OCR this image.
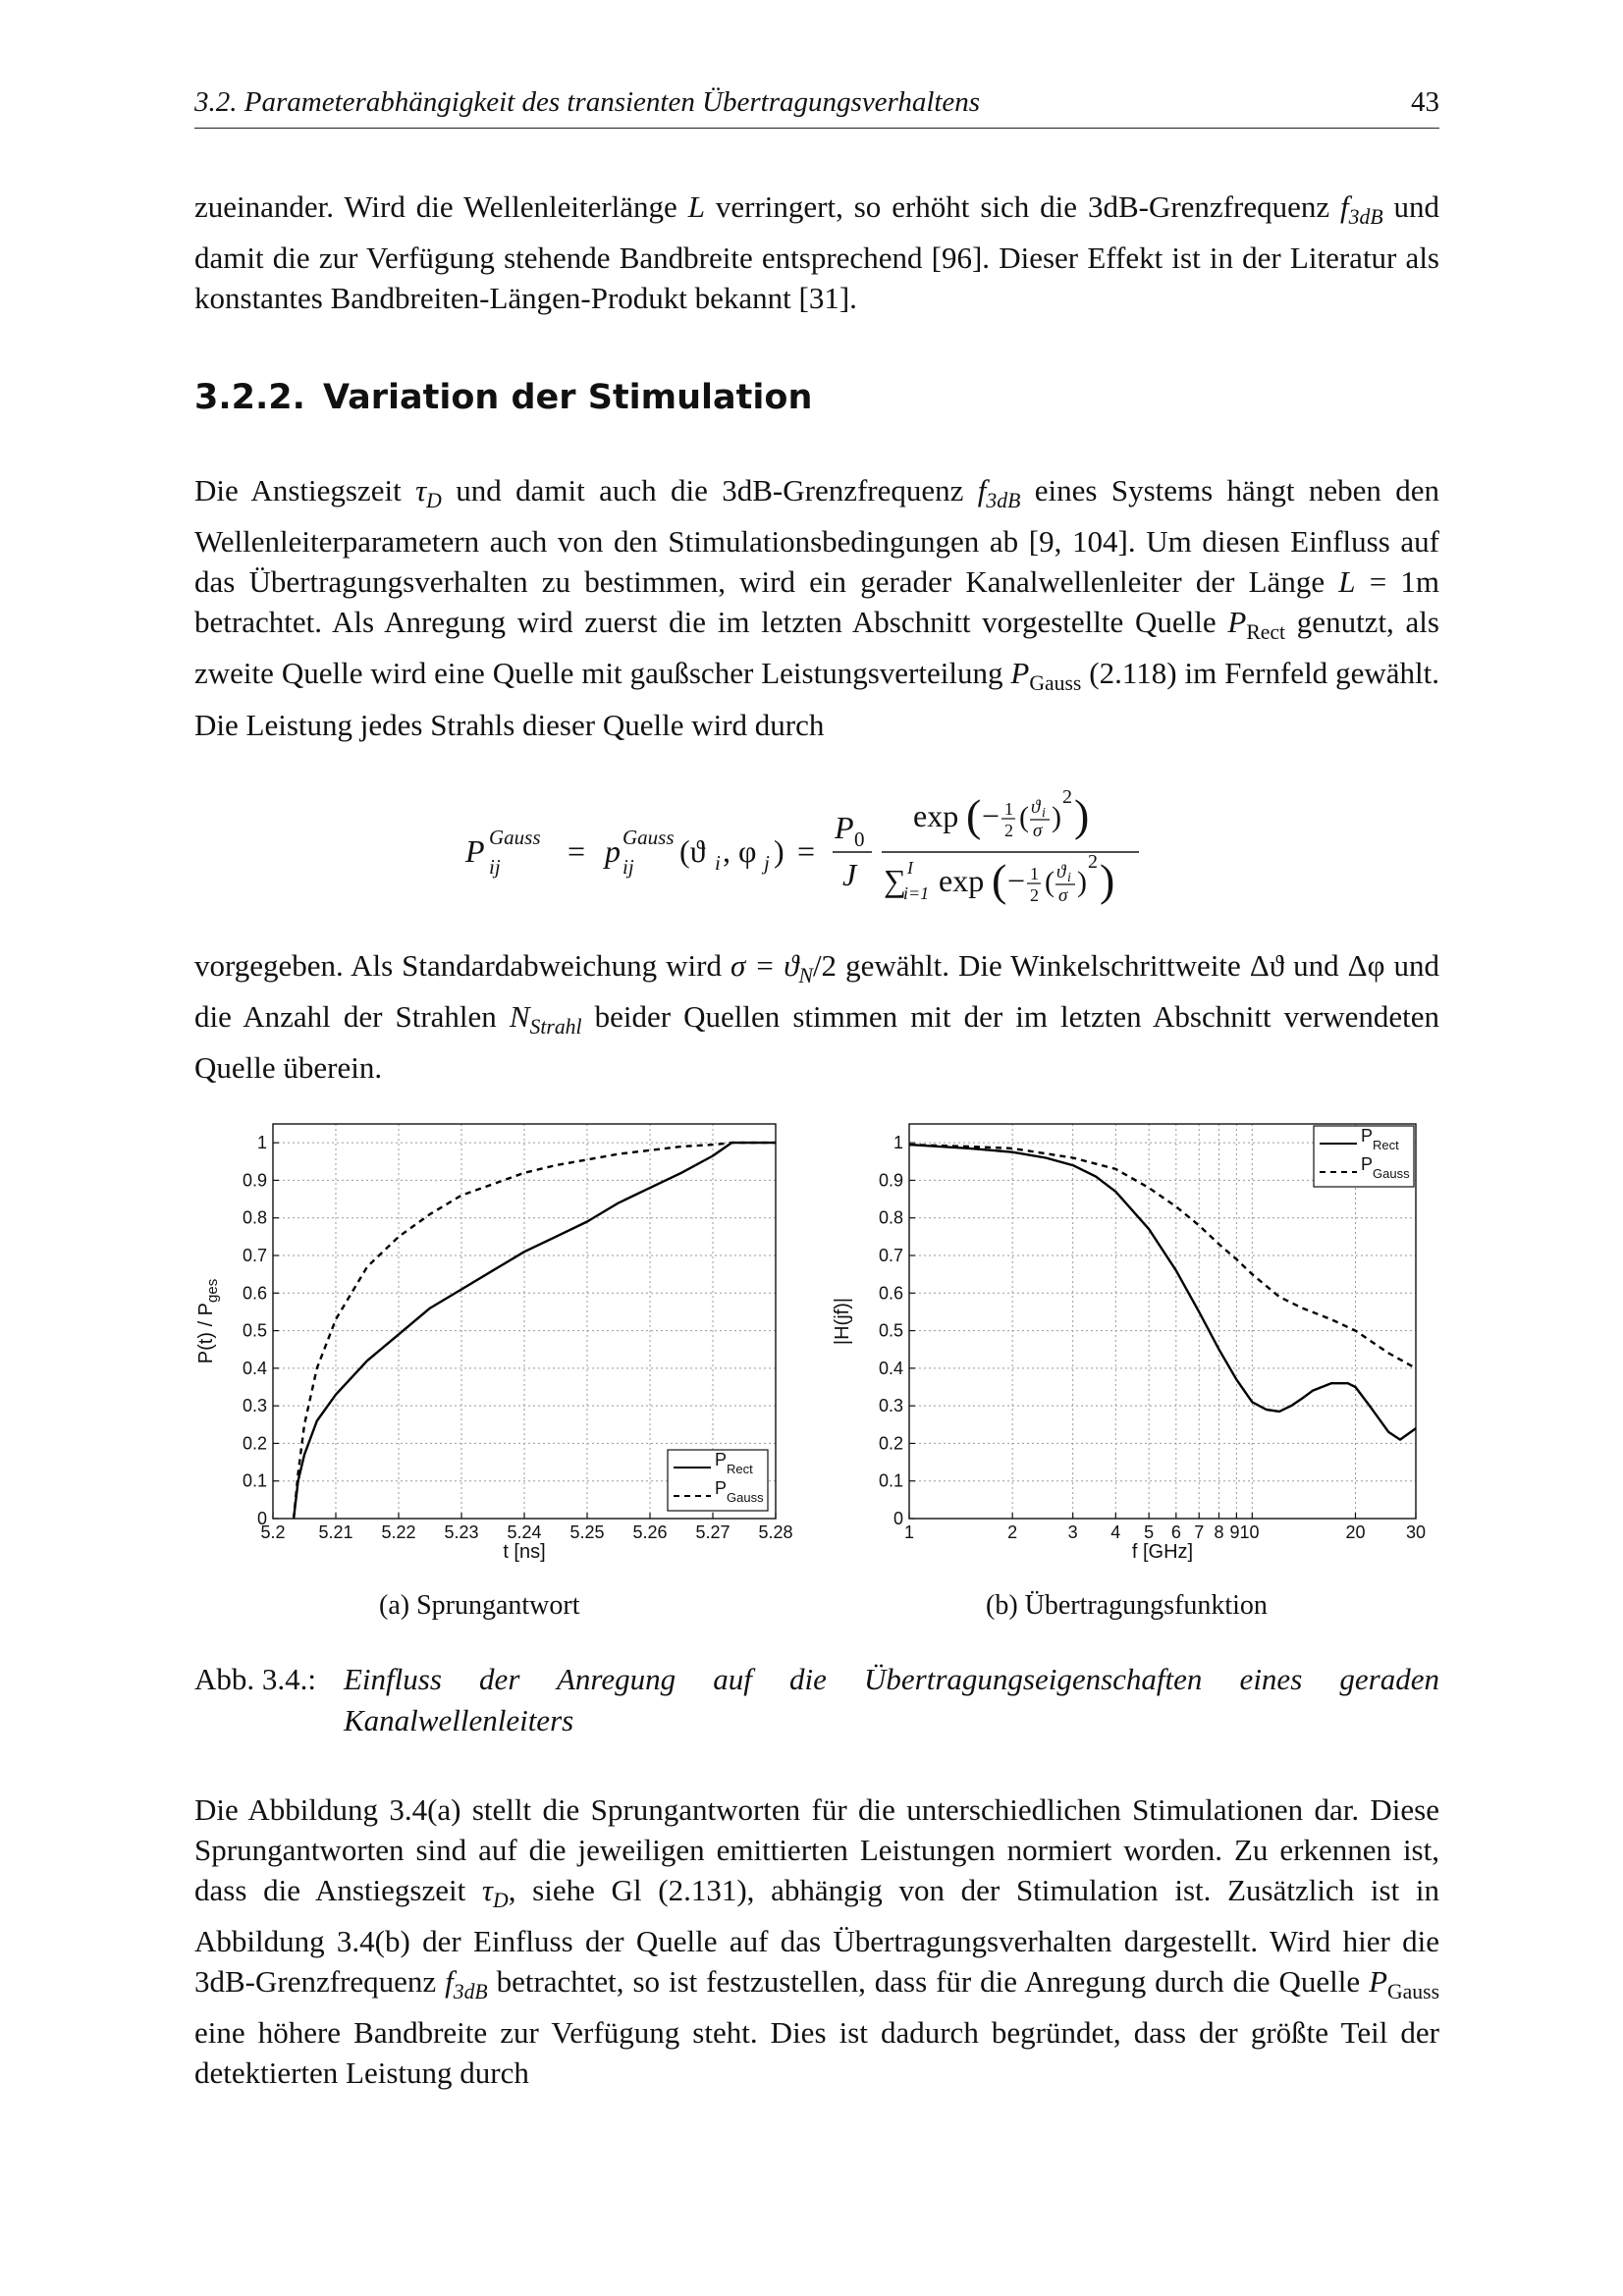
3.2. Parameterabhängigkeit des transienten Übertragungsverhaltens	43

zueinander. Wird die Wellenleiterlänge L verringert, so erhöht sich die 3dB-Grenzfrequenz $f_{3dB}$ und damit die zur Verfügung stehende Bandbreite entsprechend [96]. Dieser Effekt ist in der Literatur als konstantes Bandbreiten-Längen-Produkt bekannt [31].

3.2.2. Variation der Stimulation

Die Anstiegszeit $\tau_D$ und damit auch die 3dB-Grenzfrequenz $f_{3dB}$ eines Systems hängt neben den Wellenleiterparametern auch von den Stimulationsbedingungen ab [9, 104]. Um diesen Einfluss auf das Übertragungsverhalten zu bestimmen, wird ein gerader Kanalwellenleiter der Länge L = 1m betrachtet. Als Anregung wird zuerst die im letzten Abschnitt vorgestellte Quelle $P_{Rect}$ genutzt, als zweite Quelle wird eine Quelle mit gaußscher Leistungsverteilung $P_{Gauss}$ (2.118) im Fernfeld gewählt. Die Leistung jedes Strahls dieser Quelle wird durch

P Gauss
ij = p Gauss
ij (ϑ i , φ j ) =
P 0
J
exp ( − 1
2 ( ϑ i
σ )
2 )
∑ I
i=1 exp ( − 1
2 ( ϑ i
σ )
2 )

vorgegeben. Als Standardabweichung wird $\sigma = ϑ_N/2$ gewählt. Die Winkelschrittweite Δϑ und Δφ und die Anzahl der Strahlen $N_{Strahl}$ beider Quellen stimmen mit der im letzten Abschnitt verwendeten Quelle überein.

5.2 5.21 5.22 5.23 5.24 5.25 5.26 5.27 5.28
0
0.1
0.2
0.3
0.4
0.5
0.6
0.7
0.8
0.9
1
t [ns]
$P(t) / P_{ges}$
$P_{Rect}$
$P_{Gauss}$
(a) Sprungantwort
1	2	3 4 5 6 7 8 910	20 30
0
0.1
0.2
0.3
0.4
0.5
0.6
0.7
0.8
0.9
1
f [GHz]
|H(jf)|
$P_{Rect}$
$P_{Gauss}$
(b) Übertragungsfunktion
Abb. 3.4.: Einfluss der Anregung auf die Übertragungseigenschaften eines geraden
Kanalwellenleiters

Die Abbildung 3.4(a) stellt die Sprungantworten für die unterschiedlichen Stimulationen dar. Diese Sprungantworten sind auf die jeweiligen emittierten Leistungen normiert worden. Zu erkennen ist, dass die Anstiegszeit $\tau_D$, siehe Gl (2.131), abhängig von der Stimulation ist. Zusätzlich ist in Abbildung 3.4(b) der Einfluss der Quelle auf das Übertragungsverhalten dargestellt. Wird hier die 3dB-Grenzfrequenz $f_{3dB}$ betrachtet, so ist festzustellen, dass für die Anregung durch die Quelle $P_{Gauss}$ eine höhere Bandbreite zur Verfügung steht. Dies ist dadurch begründet, dass der größte Teil der detektierten Leistung durch
